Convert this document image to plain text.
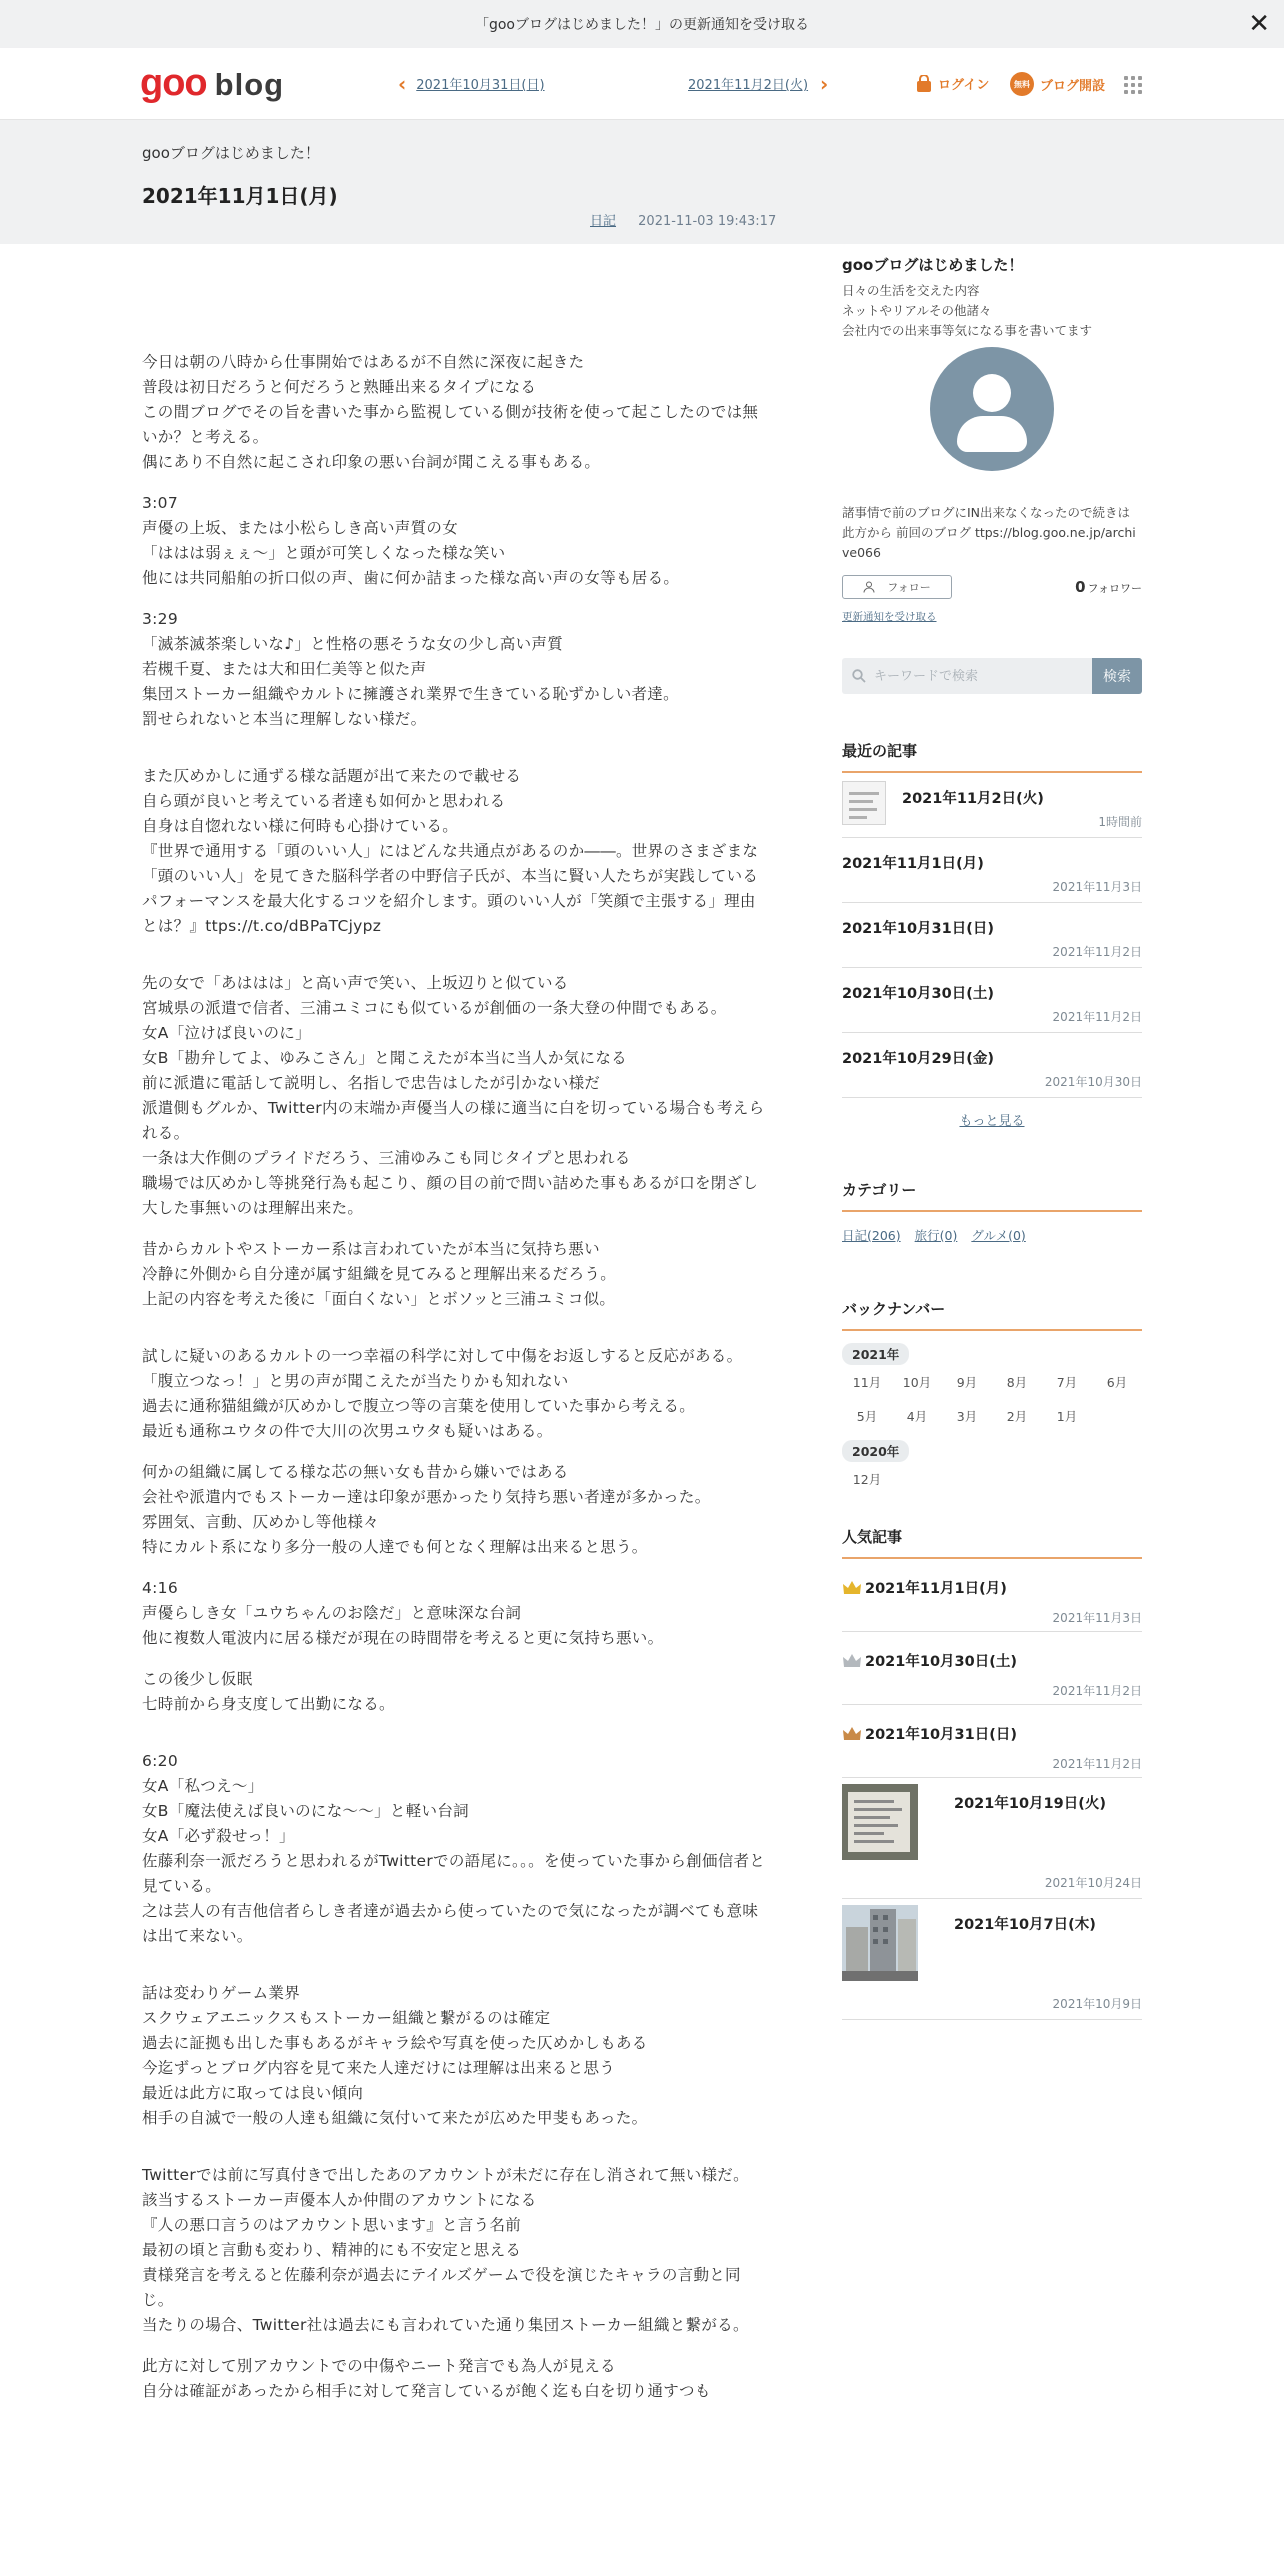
「gooブログはじめました！」の更新通知を受け取る	✕
goo blog	‹ 2021年10月31日(日)	2021年11月2日(火) ›	ログイン	無料 ブログ開設
gooブログはじめました！
2021年11月1日(月)
日記 2021-11-03 19:43:17

今日は朝の八時から仕事開始ではあるが不自然に深夜に起きた
普段は初日だろうと何だろうと熟睡出来るタイプになる
この間ブログでその旨を書いた事から監視している側が技術を使って起こしたのでは無いか？と考える。
偶にあり不自然に起こされ印象の悪い台詞が聞こえる事もある。

3:07
声優の上坂、または小松らしき高い声質の女
「ははは弱ぇぇ～」と頭が可笑しくなった様な笑い
他には共同船舶の折口似の声、歯に何か詰まった様な高い声の女等も居る。

3:29
「滅茶滅茶楽しいな♪」と性格の悪そうな女の少し高い声質
若槻千夏、または大和田仁美等と似た声
集団ストーカー組織やカルトに擁護され業界で生きている恥ずかしい者達。
罰せられないと本当に理解しない様だ。

また仄めかしに通ずる様な話題が出て来たので載せる
自ら頭が良いと考えている者達も如何かと思われる
自身は自惚れない様に何時も心掛けている。
『世界で通用する「頭のいい人」にはどんな共通点があるのか――。世界のさまざまな「頭のいい人」を見てきた脳科学者の中野信子氏が、本当に賢い人たちが実践しているパフォーマンスを最大化するコツを紹介します。頭のいい人が「笑顔で主張する」理由とは？』ttps://t.co/dBPaTCjypz

先の女で「あははは」と高い声で笑い、上坂辺りと似ている
宮城県の派遣で信者、三浦ユミコにも似ているが創価の一条大登の仲間でもある。
女A「泣けば良いのに」
女B「勘弁してよ、ゆみこさん」と聞こえたが本当に当人か気になる
前に派遣に電話して説明し、名指しで忠告はしたが引かない様だ
派遣側もグルか、Twitter内の末端か声優当人の様に適当に白を切っている場合も考えられる。
一条は大作側のプライドだろう、三浦ゆみこも同じタイプと思われる
職場では仄めかし等挑発行為も起こり、顔の目の前で問い詰めた事もあるが口を閉ざし大した事無いのは理解出来た。

昔からカルトやストーカー系は言われていたが本当に気持ち悪い
冷静に外側から自分達が属す組織を見てみると理解出来るだろう。
上記の内容を考えた後に「面白くない」とボソッと三浦ユミコ似。

試しに疑いのあるカルトの一つ幸福の科学に対して中傷をお返しすると反応がある。
「腹立つなっ！」と男の声が聞こえたが当たりかも知れない
過去に通称猫組織が仄めかしで腹立つ等の言葉を使用していた事から考える。
最近も通称ユウタの件で大川の次男ユウタも疑いはある。

何かの組織に属してる様な芯の無い女も昔から嫌いではある
会社や派遣内でもストーカー達は印象が悪かったり気持ち悪い者達が多かった。
雰囲気、言動、仄めかし等他様々
特にカルト系になり多分一般の人達でも何となく理解は出来ると思う。

4:16
声優らしき女「ユウちゃんのお陰だ」と意味深な台詞
他に複数人電波内に居る様だが現在の時間帯を考えると更に気持ち悪い。

この後少し仮眠
七時前から身支度して出勤になる。

6:20
女A「私つえ～」
女B「魔法使えば良いのにな～～」と軽い台詞
女A「必ず殺せっ！」
佐藤利奈一派だろうと思われるがTwitterでの語尾に。。。を使っていた事から創価信者と見ている。
之は芸人の有吉他信者らしき者達が過去から使っていたので気になったが調べても意味は出て来ない。

話は変わりゲーム業界
スクウェアエニックスもストーカー組織と繋がるのは確定
過去に証拠も出した事もあるがキャラ絵や写真を使った仄めかしもある
今迄ずっとブログ内容を見て来た人達だけには理解は出来ると思う
最近は此方に取っては良い傾向
相手の自滅で一般の人達も組織に気付いて来たが広めた甲斐もあった。

Twitterでは前に写真付きで出したあのアカウントが未だに存在し消されて無い様だ。
該当するストーカー声優本人か仲間のアカウントになる
『人の悪口言うのはアカウント思います』と言う名前
最初の頃と言動も変わり、精神的にも不安定と思える
責様発言を考えると佐藤利奈が過去にテイルズゲームで役を演じたキャラの言動と同じ。
当たりの場合、Twitter社は過去にも言われていた通り集団ストーカー組織と繋がる。

此方に対して別アカウントでの中傷やニート発言でも為人が見える
自分は確証があったから相手に対して発言しているが飽く迄も白を切り通すつも

gooブログはじめました！
日々の生活を交えた内容
ネットやリアルその他諸々
会社内での出来事等気になる事を書いてます
諸事情で前のブログにIN出来なくなったので続きは此方から 前回のブログ ttps://blog.goo.ne.jp/archive066
フォロー	0 フォロワー
更新通知を受け取る
キーワードで検索
検索
最近の記事
2021年11月2日(火)
1時間前
2021年11月1日(月)
2021年11月3日
2021年10月31日(日)
2021年11月2日
2021年10月30日(土)
2021年11月2日
2021年10月29日(金)
2021年10月30日
もっと見る
カテゴリー
日記(206) 旅行(0) グルメ(0)
バックナンバー
2021年
11月	10月	9月	8月	7月	6月
5月	4月	3月	2月	1月
2020年
12月
人気記事
2021年11月1日(月)
2021年11月3日
2021年10月30日(土)
2021年11月2日
2021年10月31日(日)
2021年11月2日
2021年10月19日(火)
2021年10月24日
2021年10月7日(木)
2021年10月9日
